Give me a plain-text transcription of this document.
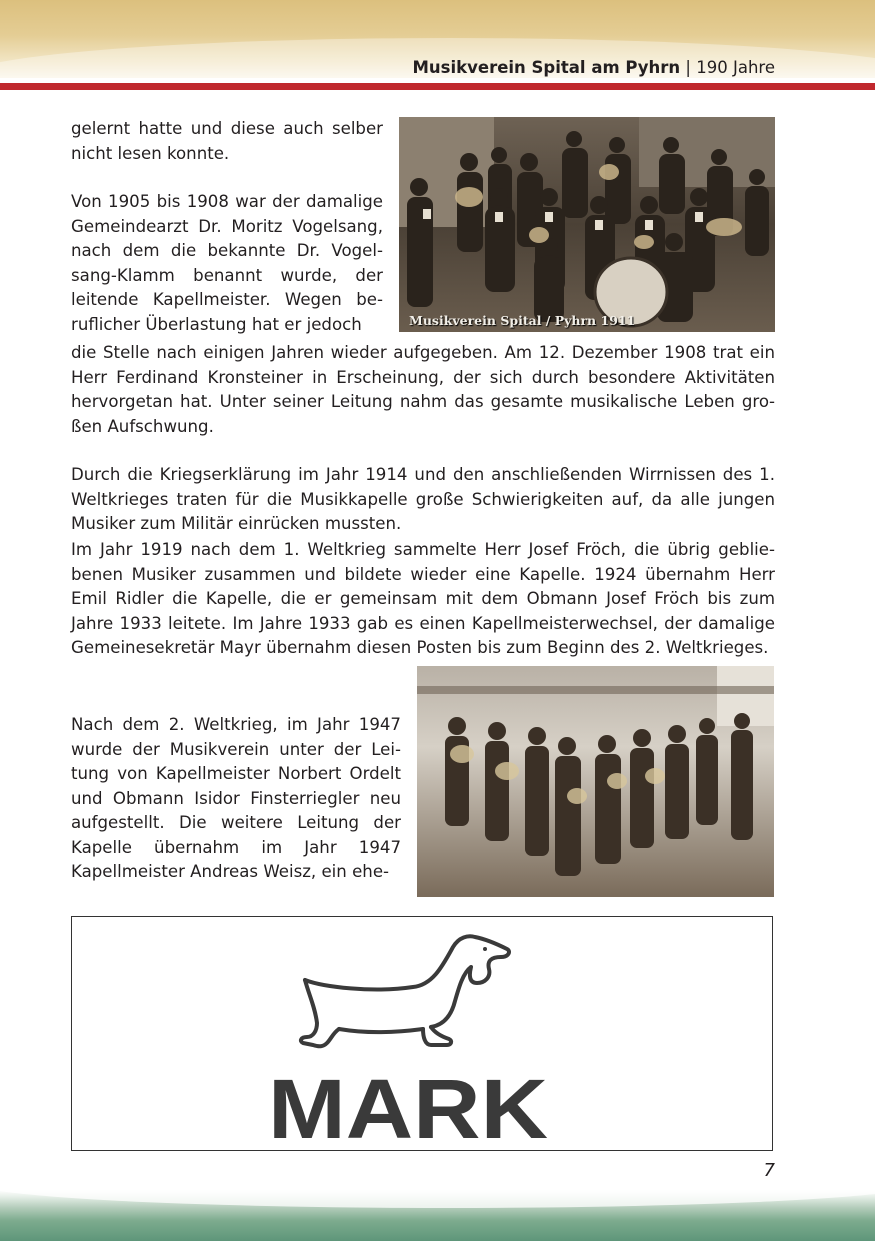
Musikverein Spital am Pyhrn | 190 Jahre

gelernt hatte und diese auch selber nicht lesen konnte.

Von 1905 bis 1908 war der damalige Gemeindearzt Dr. Moritz Vogelsang, nach dem die bekannte Dr. Vogelsang-Klamm benannt wurde, der leitende Kapellmeister. Wegen beruflicher Überlastung hat er jedoch

die Stelle nach einigen Jahren wieder aufgegeben. Am 12. Dezember 1908 trat ein Herr Ferdinand Kronsteiner in Erscheinung, der sich durch besondere Aktivitäten hervorgetan hat. Unter seiner Leitung nahm das gesamte musikalische Leben großen Aufschwung.

Durch die Kriegserklärung im Jahr 1914 und den anschließenden Wirrnissen des 1. Weltkrieges traten für die Musikkapelle große Schwierigkeiten auf, da alle jungen Musiker zum Militär einrücken mussten.

Im Jahr 1919 nach dem 1. Weltkrieg sammelte Herr Josef Fröch, die übrig gebliebenen Musiker zusammen und bildete wieder eine Kapelle. 1924 übernahm Herr Emil Ridler die Kapelle, die er gemeinsam mit dem Obmann Josef Fröch bis zum Jahre 1933 leitete. Im Jahre 1933 gab es einen Kapellmeisterwechsel, der damalige Gemeinesekretär Mayr übernahm diesen Posten bis zum Beginn des 2. Weltkrieges.

Nach dem 2. Weltkrieg, im Jahr 1947 wurde der Musikverein unter der Leitung von Kapellmeister Norbert Ordelt und Obmann Isidor Finsterriegler neu aufgestellt. Die weitere Leitung der Kapelle übernahm im Jahr 1947 Kapellmeister Andreas Weisz, ein ehe-

Musikverein Spital / Pyhrn 1911
MARK
7
